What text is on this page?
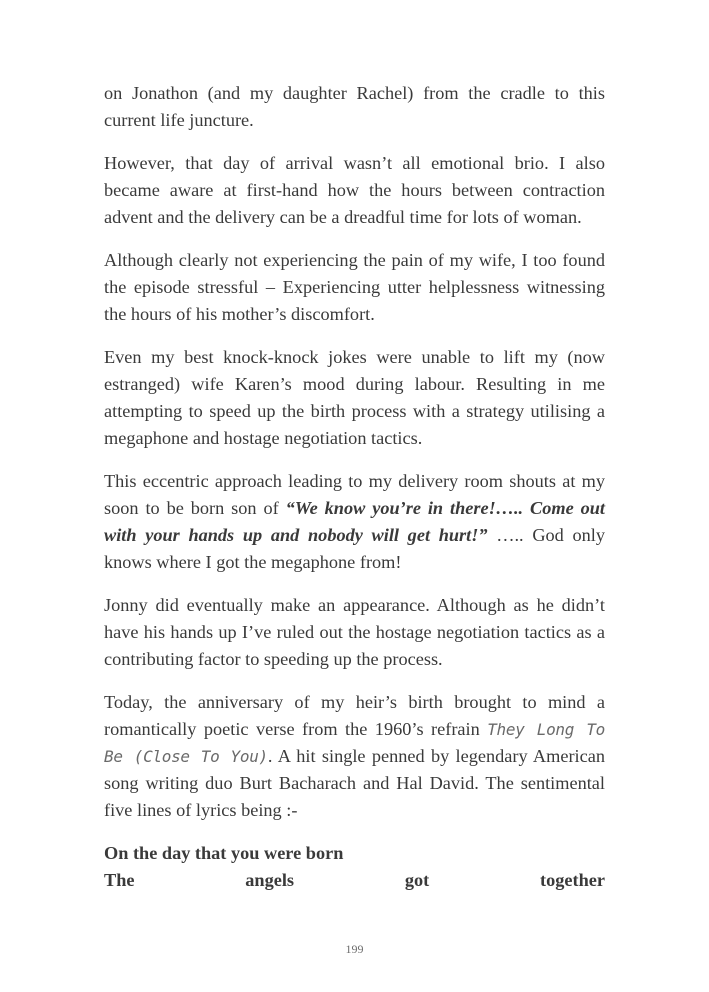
on Jonathon (and my daughter Rachel) from the cradle to this current life juncture.

However, that day of arrival wasn’t all emotional brio. I also became aware at first-hand how the hours between contraction advent and the delivery can be a dreadful time for lots of woman.

Although clearly not experiencing the pain of my wife, I too found the episode stressful – Experiencing utter helplessness witnessing the hours of his mother’s discomfort.

Even my best knock-knock jokes were unable to lift my (now estranged) wife Karen’s mood during labour. Resulting in me attempting to speed up the birth process with a strategy utilising a megaphone and hostage negotiation tactics.

This eccentric approach leading to my delivery room shouts at my soon to be born son of “We know you’re in there!….. Come out with your hands up and nobody will get hurt!” ….. God only knows where I got the megaphone from!

Jonny did eventually make an appearance. Although as he didn’t have his hands up I’ve ruled out the hostage negotiation tactics as a contributing factor to speeding up the process.

Today, the anniversary of my heir’s birth brought to mind a romantically poetic verse from the 1960’s refrain They Long To Be (Close To You). A hit single penned by legendary American song writing duo Burt Bacharach and Hal David. The sentimental five lines of lyrics being :-

On the day that you were born
The	angels	got	together
199
